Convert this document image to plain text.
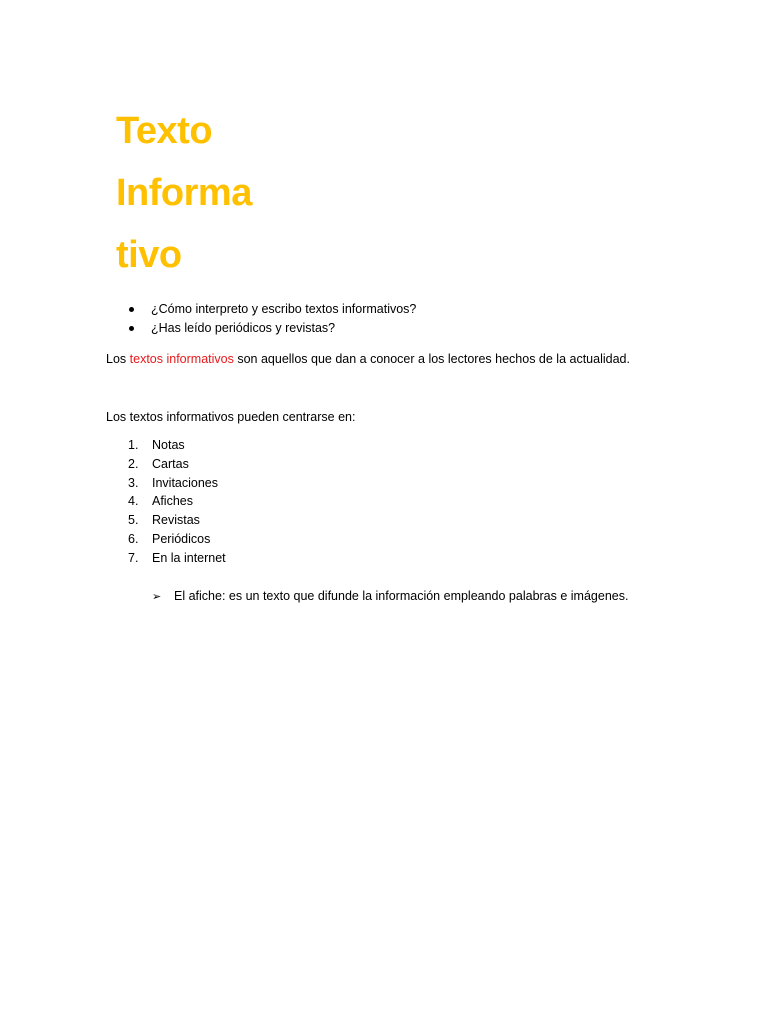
Texto
Informa
tivo
¿Cómo interpreto y escribo textos informativos?
¿Has leído periódicos y revistas?

Los textos informativos son aquellos que dan a conocer a los lectores hechos de la actualidad.

Los textos informativos pueden centrarse en:

1. Notas
2. Cartas
3. Invitaciones
4. Afiches
5. Revistas
6. Periódicos
7. En la internet

➢ El afiche: es un texto que difunde la información empleando palabras e imágenes.
